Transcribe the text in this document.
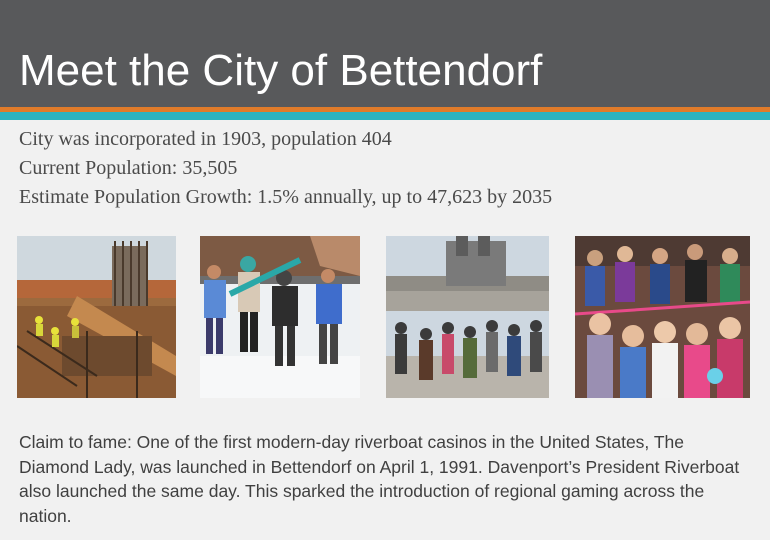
Meet the City of Bettendorf
City was incorporated in 1903, population 404
Current Population: 35,505
Estimate Population Growth: 1.5% annually, up to 47,623 by 2035
Claim to fame: One of the first modern-day riverboat casinos in the United States, The Diamond Lady, was launched in Bettendorf on April 1, 1991. Davenport’s President Riverboat also launched the same day. This sparked the introduction of regional gaming across the nation.
